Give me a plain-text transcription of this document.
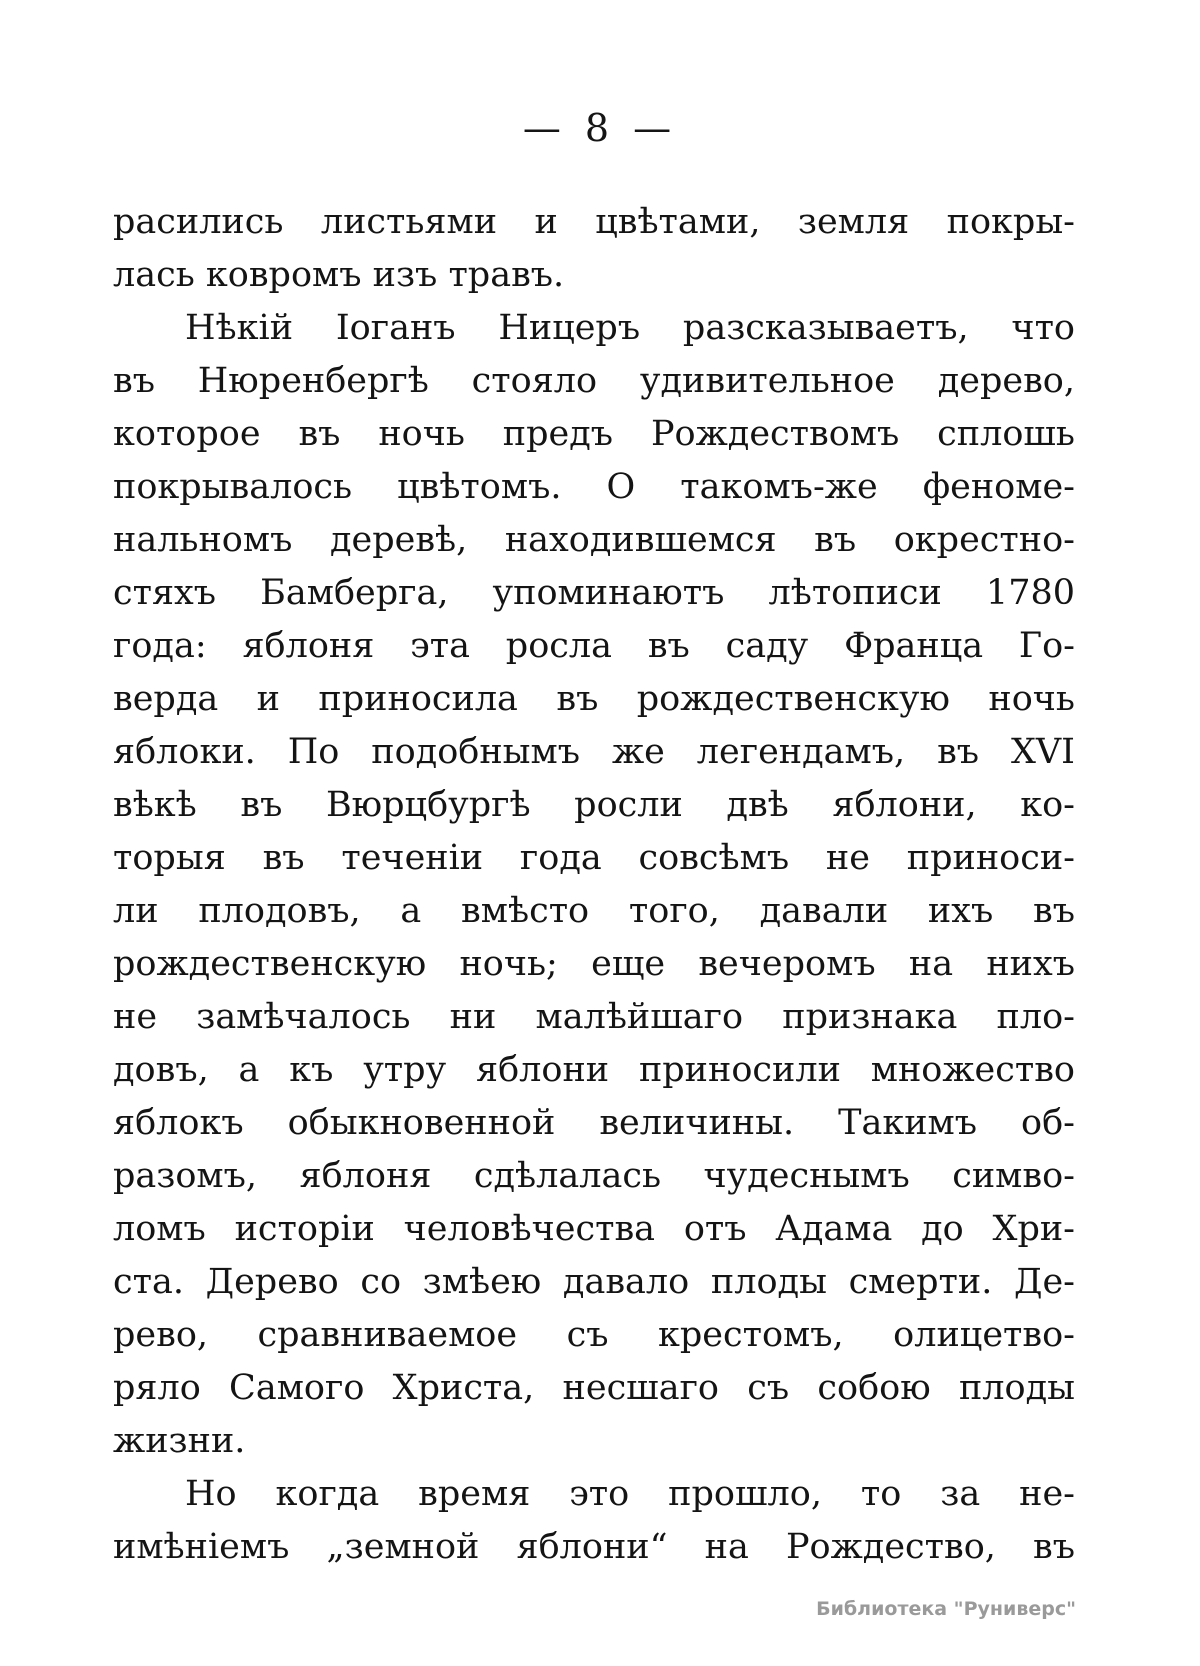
— 8 —
расились листьями и цвѣтами, земля покры-
лась ковромъ изъ травъ.
Нѣкій Іоганъ Ницеръ разсказываетъ, что
въ Нюренбергѣ стояло удивительное дерево,
которое въ ночь предъ Рождествомъ сплошь
покрывалось цвѣтомъ. О такомъ-же феноме-
нальномъ деревѣ, находившемся въ окрестно-
стяхъ Бамберга, упоминаютъ лѣтописи 1780
года: яблоня эта росла въ саду Франца Го-
верда и приносила въ рождественскую ночь
яблоки. По подобнымъ же легендамъ, въ XVI
вѣкѣ въ Вюрцбургѣ росли двѣ яблони, ко-
торыя въ теченіи года совсѣмъ не приноси-
ли плодовъ, а вмѣсто того, давали ихъ въ
рождественскую ночь; еще вечеромъ на нихъ
не замѣчалось ни малѣйшаго признака пло-
довъ, а къ утру яблони приносили множество
яблокъ обыкновенной величины. Такимъ об-
разомъ, яблоня сдѣлалась чудеснымъ симво-
ломъ исторіи человѣчества отъ Адама до Хри-
ста. Дерево со змѣею давало плоды смерти. Де-
рево, сравниваемое съ крестомъ, олицетво-
ряло Самого Христа, несшаго съ собою плоды
жизни.
Но когда время это прошло, то за не-
имѣніемъ „земной яблони“ на Рождество, въ
Библиотека "Руниверс"
